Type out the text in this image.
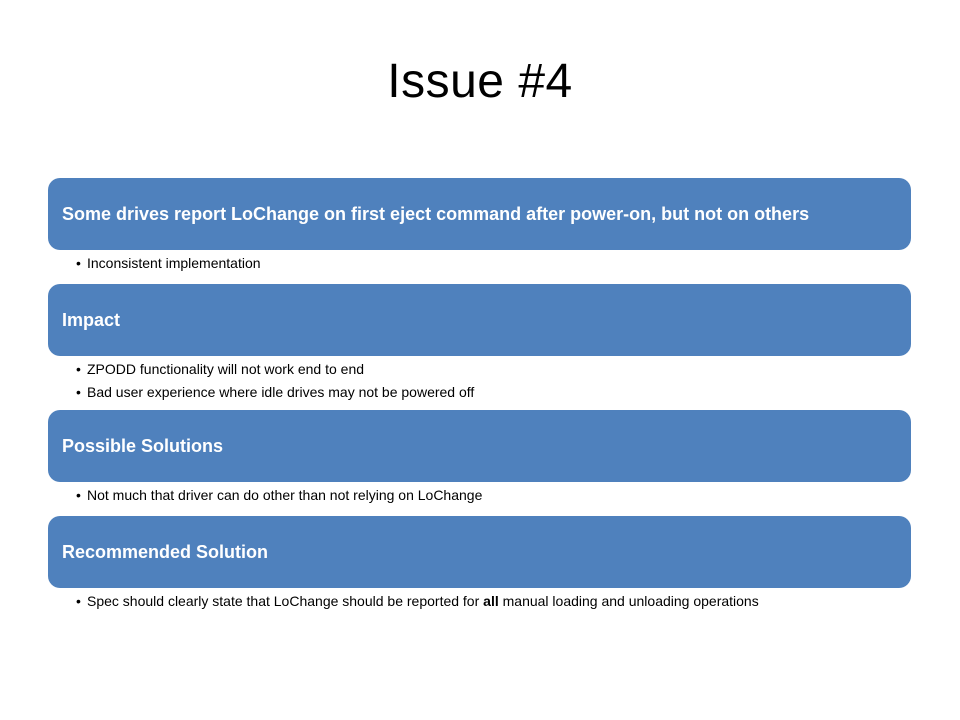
Issue #4
Some drives report LoChange on first eject command after power-on, but not on others
• Inconsistent implementation
Impact
• ZPODD functionality will not work end to end
• Bad user experience where idle drives may not be powered off
Possible Solutions
• Not much that driver can do other than not relying on LoChange
Recommended Solution
• Spec should clearly state that LoChange should be reported for all manual loading and unloading operations
